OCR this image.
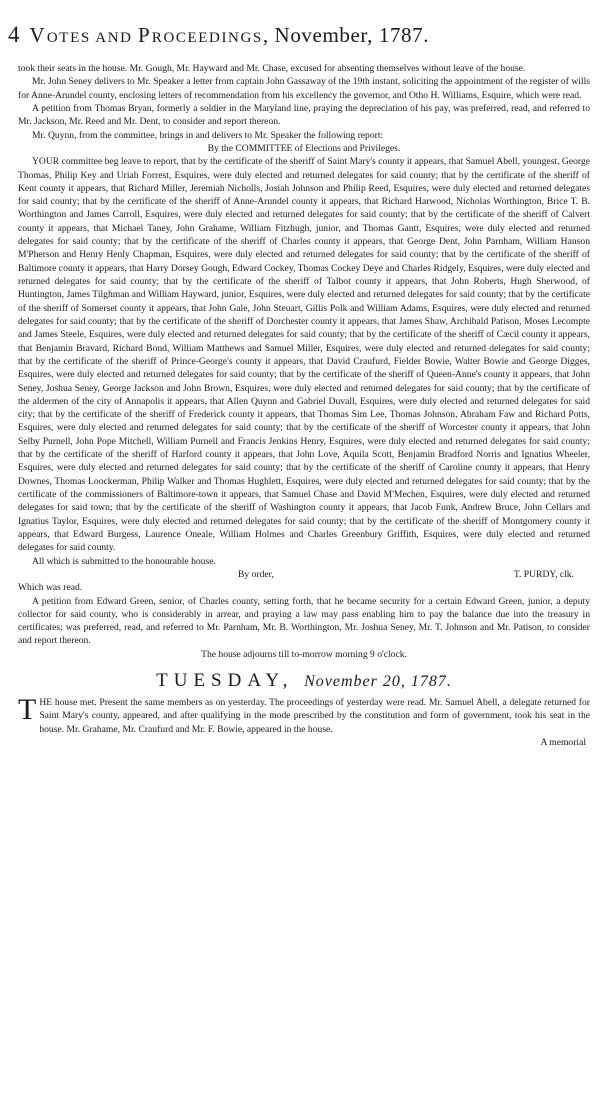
4 VOTES AND PROCEEDINGS, November, 1787.

took their seats in the house. Mr. Gough, Mr. Hayward and Mr. Chase, excused for absenting themselves without leave of the house.

Mr. John Seney delivers to Mr. Speaker a letter from captain John Gassaway of the 19th instant, soliciting the appointment of the register of wills for Anne-Arundel county, enclosing letters of recommendation from his excellency the governor, and Otho H. Williams, Esquire, which were read.

A petition from Thomas Bryan, formerly a soldier in the Maryland line, praying the depreciation of his pay, was preferred, read, and referred to Mr. Jackson, Mr. Reed and Mr. Dent, to consider and report thereon.

Mr. Quynn, from the committee, brings in and delivers to Mr. Speaker the following report:

By the COMMITTEE of Elections and Privileges.

YOUR committee beg leave to report, that by the certificate of the sheriff of Saint Mary's county it appears, that Samuel Abell, youngest, George Thomas, Philip Key and Uriah Forrest, Esquires, were duly elected and returned delegates for said county; that by the certificate of the sheriff of Kent county it appears, that Richard Miller, Jeremiah Nicholls, Josiah Johnson and Philip Reed, Esquires, were duly elected and returned delegates for said county; that by the certificate of the sheriff of Anne-Arundel county it appears, that Richard Harwood, Nicholas Worthington, Brice T. B. Worthington and James Carroll, Esquires, were duly elected and returned delegates for said county; that by the certificate of the sheriff of Calvert county it appears, that Michael Taney, John Grahame, William Fitzhugh, junior, and Thomas Gantt, Esquires, were duly elected and returned delegates for said county; that by the certificate of the sheriff of Charles county it appears, that George Dent, John Parnham, William Hanson M'Pherson and Henry Henly Chapman, Esquires, were duly elected and returned delegates for said county; that by the certificate of the sheriff of Baltimore county it appears, that Harry Dorsey Gough, Edward Cockey, Thomas Cockey Deye and Charles Ridgely, Esquires, were duly elected and returned delegates for said county; that by the certificate of the sheriff of Talbot county it appears, that John Roberts, Hugh Sherwood, of Huntington, James Tilghman and William Hayward, junior, Esquires, were duly elected and returned delegates for said county; that by the certificate of the sheriff of Somerset county it appears, that John Gale, John Steuart, Gillis Polk and William Adams, Esquires, were duly elected and returned delegates for said county; that by the certificate of the sheriff of Dorchester county it appears, that James Shaw, Archibald Patison, Moses Lecompte and James Steele, Esquires, were duly elected and returned delegates for said county; that by the certificate of the sheriff of Cæcil county it appears, that Benjamin Bravard, Richard Bond, William Matthews and Samuel Miller, Esquires, were duly elected and returned delegates for said county; that by the certificate of the sheriff of Prince-George's county it appears, that David Craufurd, Fielder Bowie, Walter Bowie and George Digges, Esquires, were duly elected and returned delegates for said county; that by the certificate of the sheriff of Queen-Anne's county it appears, that John Seney, Joshua Seney, George Jackson and John Brown, Esquires, were duly elected and returned delegates for said county; that by the certificate of the aldermen of the city of Annapolis it appears, that Allen Quynn and Gabriel Duvall, Esquires, were duly elected and returned delegates for said city; that by the certificate of the sheriff of Frederick county it appears, that Thomas Sim Lee, Thomas Johnson, Abraham Faw and Richard Potts, Esquires, were duly elected and returned delegates for said county; that by the certificate of the sheriff of Worcester county it appears, that John Selby Purnell, John Pope Mitchell, William Purnell and Francis Jenkins Henry, Esquires, were duly elected and returned delegates for said county; that by the certificate of the sheriff of Harford county it appears, that John Love, Aquila Scott, Benjamin Bradford Norris and Ignatius Wheeler, Esquires, were duly elected and returned delegates for said county; that by the certificate of the sheriff of Caroline county it appears, that Henry Downes, Thomas Loockerman, Philip Walker and Thomas Hughlett, Esquires, were duly elected and returned delegates for said county; that by the certificate of the commissioners of Baltimore-town it appears, that Samuel Chase and David M'Mechen, Esquires, were duly elected and returned delegates for said town; that by the certificate of the sheriff of Washington county it appears, that Jacob Funk, Andrew Bruce, John Cellars and Ignatius Taylor, Esquires, were duly elected and returned delegates for said county; that by the certificate of the sheriff of Montgomery county it appears, that Edward Burgess, Laurence Oneale, William Holmes and Charles Greenbury Griffith, Esquires, were duly elected and returned delegates for said county.

All which is submitted to the honourable house.

By order,	T. PURDY, clk.

Which was read.

A petition from Edward Green, senior, of Charles county, setting forth, that he became security for a certain Edward Green, junior, a deputy collector for said county, who is considerably in arrear, and praying a law may pass enabling him to pay the balance due into the treasury in certificates; was preferred, read, and referred to Mr. Parnham, Mr. B. Worthington, Mr. Joshua Seney, Mr. T. Johnson and Mr. Patison, to consider and report thereon.

The house adjourns till to-morrow morning 9 o'clock.

TUESDAY, November 20, 1787.

THE house met. Present the same members as on yesterday. The proceedings of yesterday were read. Mr. Samuel Abell, a delegate returned for Saint Mary's county, appeared, and after qualifying in the mode prescribed by the constitution and form of government, took his seat in the house. Mr. Grahame, Mr. Craufurd and Mr. F. Bowie, appeared in the house.

A memorial
